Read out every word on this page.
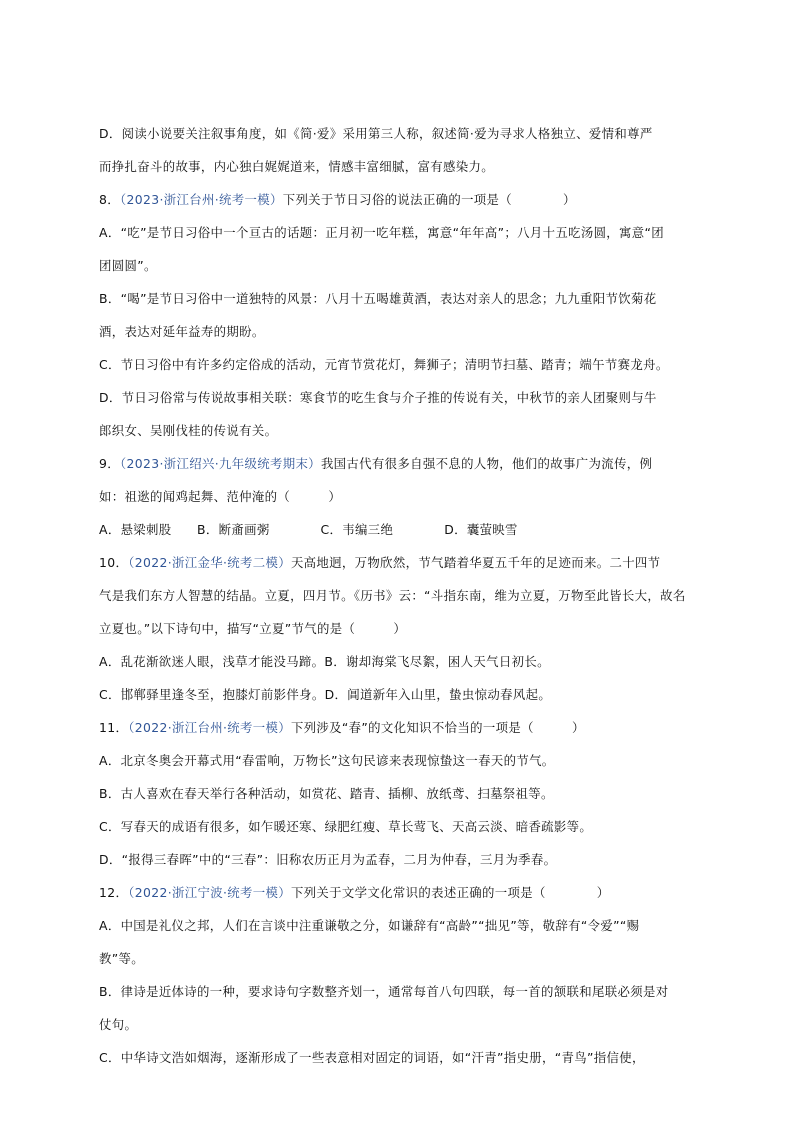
D．阅读小说要关注叙事角度，如《简·爱》采用第三人称，叙述简·爱为寻求人格独立、爱情和尊严
而挣扎奋斗的故事，内心独白娓娓道来，情感丰富细腻，富有感染力。
8．（2023·浙江台州·统考一模）下列关于节日习俗的说法正确的一项是（　　　　）
A．“吃”是节日习俗中一个亘古的话题：正月初一吃年糕，寓意“年年高”；八月十五吃汤圆，寓意“团
团圆圆”。
B．“喝”是节日习俗中一道独特的风景：八月十五喝雄黄酒，表达对亲人的思念；九九重阳节饮菊花
酒，表达对延年益寿的期盼。
C．节日习俗中有许多约定俗成的活动，元宵节赏花灯，舞狮子；清明节扫墓、踏青；端午节赛龙舟。
D．节日习俗常与传说故事相关联：寒食节的吃生食与介子推的传说有关，中秋节的亲人团聚则与牛
郎织女、吴刚伐桂的传说有关。
9．（2023·浙江绍兴·九年级统考期末）我国古代有很多自强不息的人物，他们的故事广为流传，例
如：祖逖的闻鸡起舞、范仲淹的（　　　）
A．悬梁刺股　　B．断齑画粥　　　　C．韦编三绝　　　　D．囊萤映雪
10．（2022·浙江金华·统考二模）天高地迥，万物欣然，节气踏着华夏五千年的足迹而来。二十四节
气是我们东方人智慧的结晶。立夏，四月节。《历书》云：“斗指东南，维为立夏，万物至此皆长大，故名
立夏也。”以下诗句中，描写“立夏”节气的是（　　　）
A．乱花渐欲迷人眼，浅草才能没马蹄。B．谢却海棠飞尽絮，困人天气日初长。
C．邯郸驿里逢冬至，抱膝灯前影伴身。D．阊道新年入山里，蛰虫惊动春风起。
11．（2022·浙江台州·统考一模）下列涉及“春”的文化知识不恰当的一项是（　　　）
A．北京冬奥会开幕式用“春雷响，万物长”这句民谚来表现惊蛰这一春天的节气。
B．古人喜欢在春天举行各种活动，如赏花、踏青、插柳、放纸鸢、扫墓祭祖等。
C．写春天的成语有很多，如乍暖还寒、绿肥红瘦、草长莺飞、天高云淡、暗香疏影等。
D．“报得三春晖”中的“三春”：旧称农历正月为孟春，二月为仲春，三月为季春。
12．（2022·浙江宁波·统考一模）下列关于文学文化常识的表述正确的一项是（　　　　）
A．中国是礼仪之邦，人们在言谈中注重谦敬之分，如谦辞有“高龄”“拙见”等，敬辞有“令爱”“赐
教”等。
B．律诗是近体诗的一种，要求诗句字数整齐划一，通常每首八句四联，每一首的颔联和尾联必须是对
仗句。
C．中华诗文浩如烟海，逐渐形成了一些表意相对固定的词语，如“汗青”指史册，“青鸟”指信使，
